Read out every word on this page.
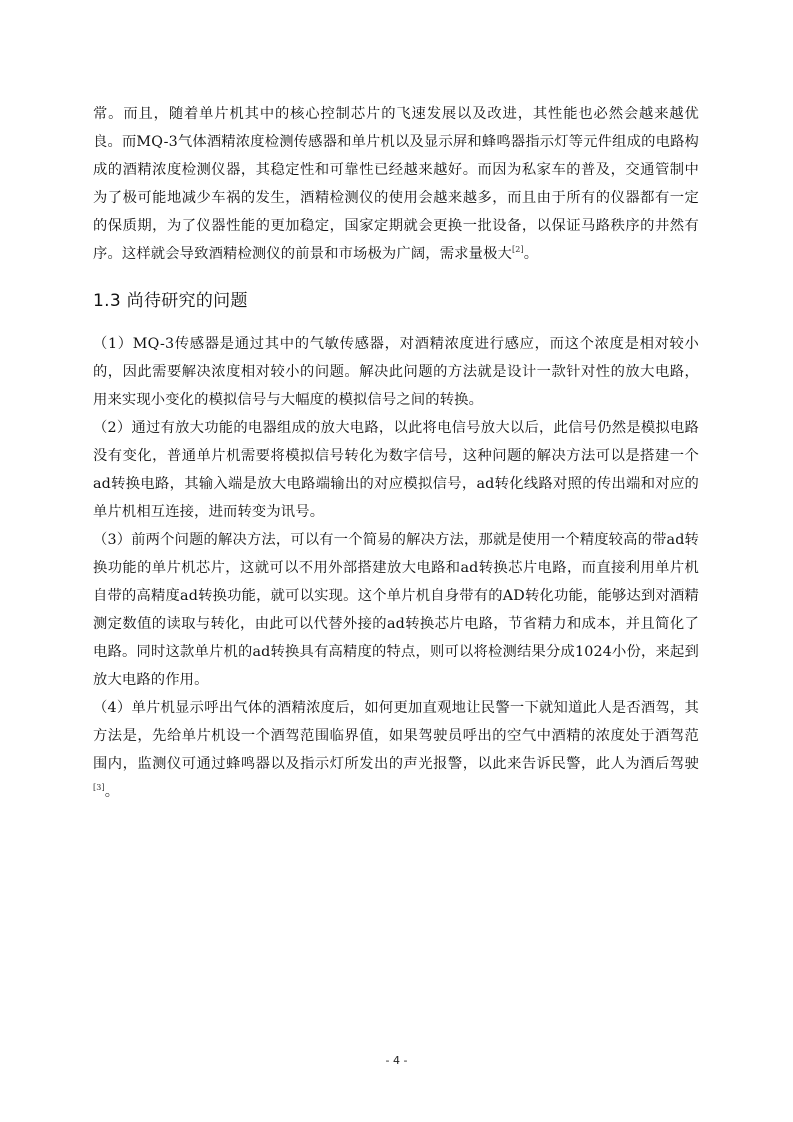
常。而且，随着单片机其中的核心控制芯片的飞速发展以及改进，其性能也必然会越来越优良。而MQ-3气体酒精浓度检测传感器和单片机以及显示屏和蜂鸣器指示灯等元件组成的电路构成的酒精浓度检测仪器，其稳定性和可靠性已经越来越好。而因为私家车的普及，交通管制中为了极可能地减少车祸的发生，酒精检测仪的使用会越来越多，而且由于所有的仪器都有一定的保质期，为了仪器性能的更加稳定，国家定期就会更换一批设备，以保证马路秩序的井然有序。这样就会导致酒精检测仪的前景和市场极为广阔，需求量极大[2]。

1.3 尚待研究的问题

（1）MQ-3传感器是通过其中的气敏传感器，对酒精浓度进行感应，而这个浓度是相对较小的，因此需要解决浓度相对较小的问题。解决此问题的方法就是设计一款针对性的放大电路，用来实现小变化的模拟信号与大幅度的模拟信号之间的转换。

（2）通过有放大功能的电器组成的放大电路，以此将电信号放大以后，此信号仍然是模拟电路没有变化，普通单片机需要将模拟信号转化为数字信号，这种问题的解决方法可以是搭建一个ad转换电路，其输入端是放大电路端输出的对应模拟信号，ad转化线路对照的传出端和对应的单片机相互连接，进而转变为讯号。

（3）前两个问题的解决方法，可以有一个简易的解决方法，那就是使用一个精度较高的带ad转换功能的单片机芯片，这就可以不用外部搭建放大电路和ad转换芯片电路，而直接利用单片机自带的高精度ad转换功能，就可以实现。这个单片机自身带有的AD转化功能，能够达到对酒精测定数值的读取与转化，由此可以代替外接的ad转换芯片电路，节省精力和成本，并且简化了电路。同时这款单片机的ad转换具有高精度的特点，则可以将检测结果分成1024小份，来起到放大电路的作用。

（4）单片机显示呼出气体的酒精浓度后，如何更加直观地让民警一下就知道此人是否酒驾，其方法是，先给单片机设一个酒驾范围临界值，如果驾驶员呼出的空气中酒精的浓度处于酒驾范围内，监测仪可通过蜂鸣器以及指示灯所发出的声光报警，以此来告诉民警，此人为酒后驾驶[3]。

- 4 -
